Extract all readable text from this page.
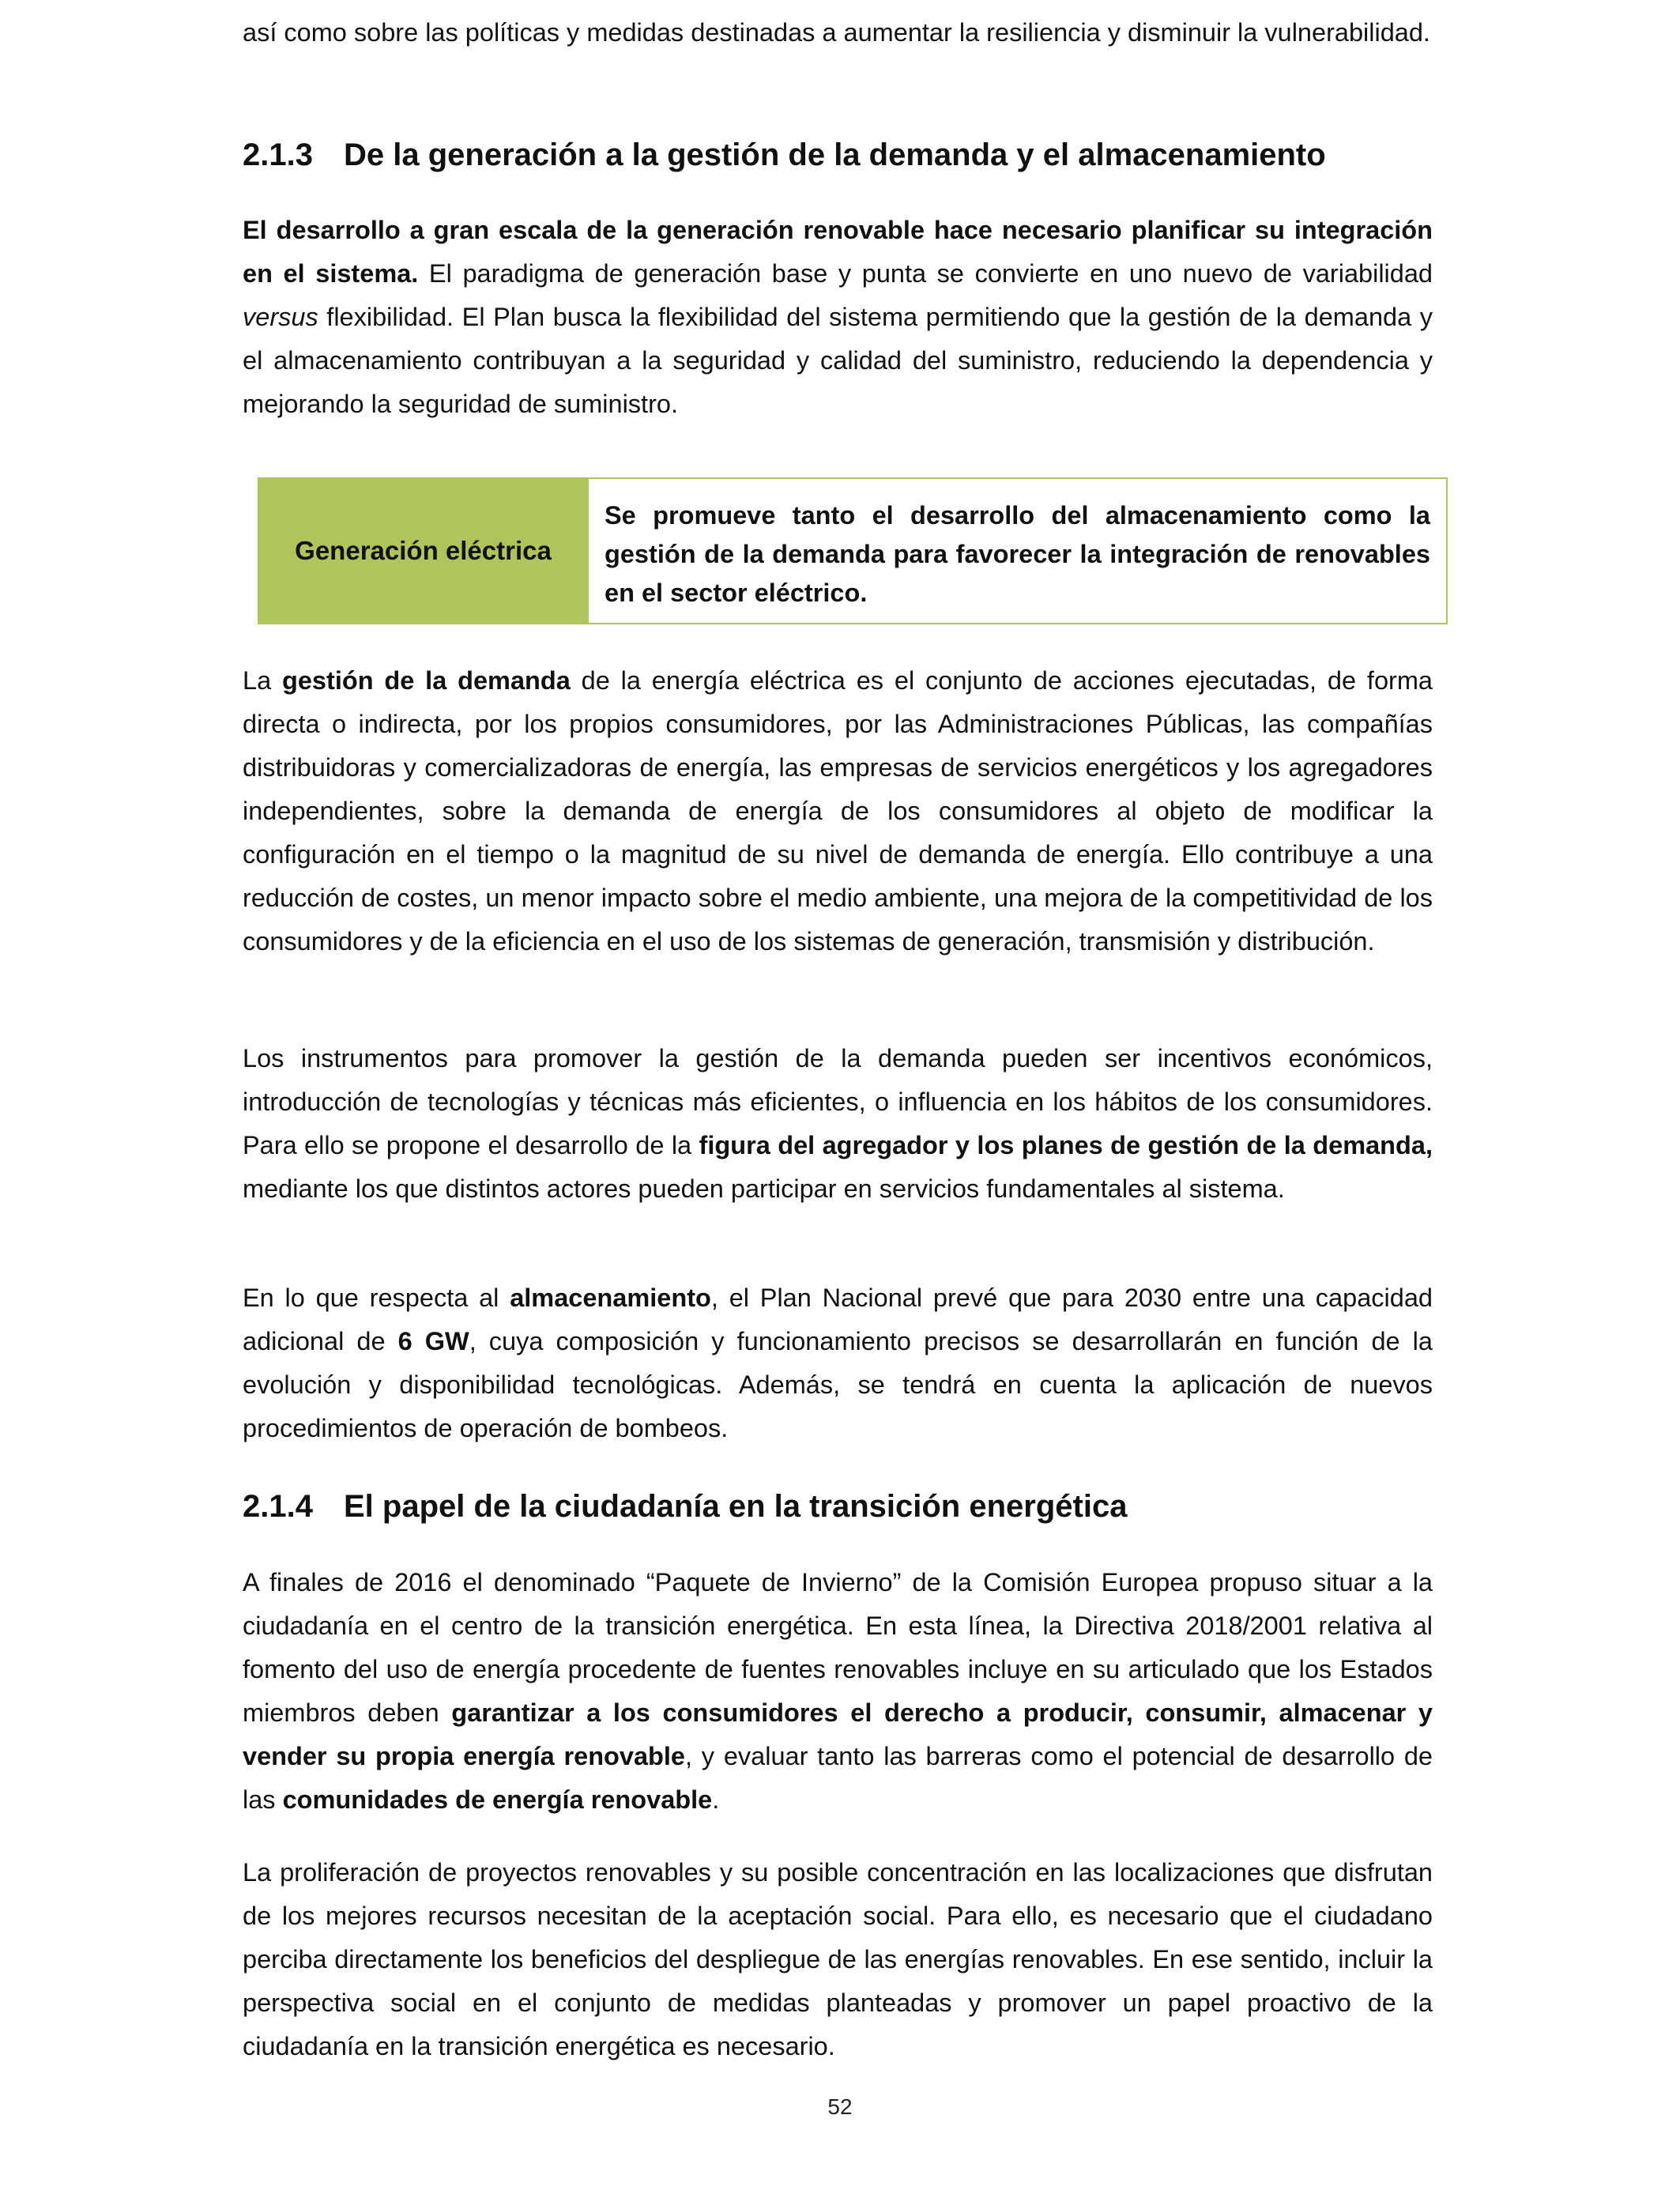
así como sobre las políticas y medidas destinadas a aumentar la resiliencia y disminuir la vulnerabilidad.

2.1.3 De la generación a la gestión de la demanda y el almacenamiento

El desarrollo a gran escala de la generación renovable hace necesario planificar su integración en el sistema. El paradigma de generación base y punta se convierte en uno nuevo de variabilidad versus flexibilidad. El Plan busca la flexibilidad del sistema permitiendo que la gestión de la demanda y el almacenamiento contribuyan a la seguridad y calidad del suministro, reduciendo la dependencia y mejorando la seguridad de suministro.

Generación eléctrica

Se promueve tanto el desarrollo del almacenamiento como la gestión de la demanda para favorecer la integración de renovables en el sector eléctrico.

La gestión de la demanda de la energía eléctrica es el conjunto de acciones ejecutadas, de forma directa o indirecta, por los propios consumidores, por las Administraciones Públicas, las compañías distribuidoras y comercializadoras de energía, las empresas de servicios energéticos y los agregadores independientes, sobre la demanda de energía de los consumidores al objeto de modificar la configuración en el tiempo o la magnitud de su nivel de demanda de energía. Ello contribuye a una reducción de costes, un menor impacto sobre el medio ambiente, una mejora de la competitividad de los consumidores y de la eficiencia en el uso de los sistemas de generación, transmisión y distribución.

Los instrumentos para promover la gestión de la demanda pueden ser incentivos económicos, introducción de tecnologías y técnicas más eficientes, o influencia en los hábitos de los consumidores. Para ello se propone el desarrollo de la figura del agregador y los planes de gestión de la demanda, mediante los que distintos actores pueden participar en servicios fundamentales al sistema.

En lo que respecta al almacenamiento, el Plan Nacional prevé que para 2030 entre una capacidad adicional de 6 GW, cuya composición y funcionamiento precisos se desarrollarán en función de la evolución y disponibilidad tecnológicas. Además, se tendrá en cuenta la aplicación de nuevos procedimientos de operación de bombeos.

2.1.4 El papel de la ciudadanía en la transición energética

A finales de 2016 el denominado “Paquete de Invierno” de la Comisión Europea propuso situar a la ciudadanía en el centro de la transición energética. En esta línea, la Directiva 2018/2001 relativa al fomento del uso de energía procedente de fuentes renovables incluye en su articulado que los Estados miembros deben garantizar a los consumidores el derecho a producir, consumir, almacenar y vender su propia energía renovable, y evaluar tanto las barreras como el potencial de desarrollo de las comunidades de energía renovable.

La proliferación de proyectos renovables y su posible concentración en las localizaciones que disfrutan de los mejores recursos necesitan de la aceptación social. Para ello, es necesario que el ciudadano perciba directamente los beneficios del despliegue de las energías renovables. En ese sentido, incluir la perspectiva social en el conjunto de medidas planteadas y promover un papel proactivo de la ciudadanía en la transición energética es necesario.

52
